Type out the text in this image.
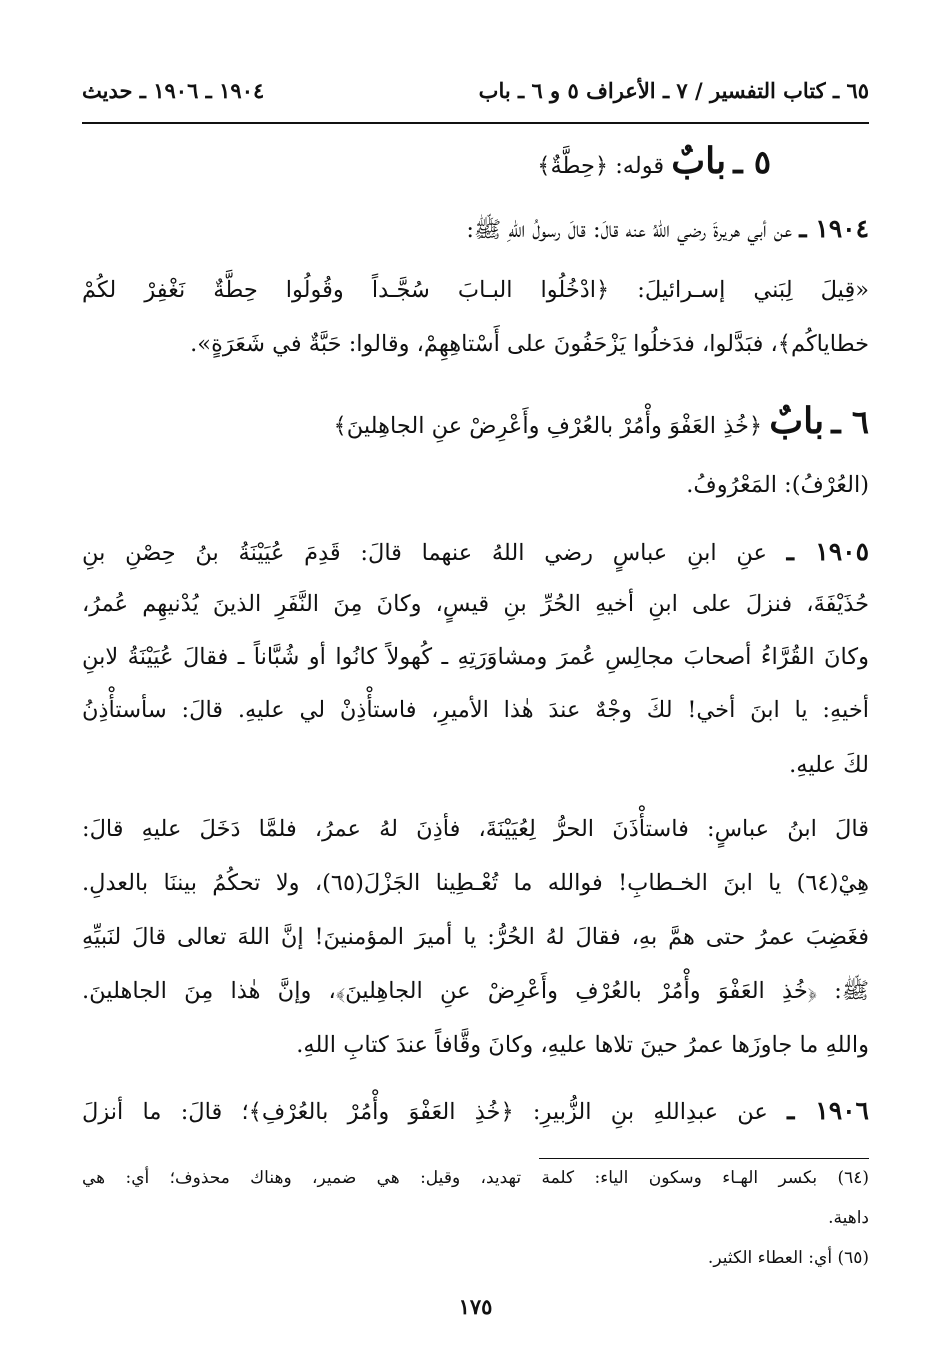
٦٥ ـ كتاب التفسير / ٧ ـ الأعراف ٥ و ٦ ـ باب
١٩٠٤ ـ ١٩٠٦ ـ حديث
٥ ـ بابٌ قوله: ﴿حِطَّةٌ﴾
١٩٠٤ ـ عن أبي هريرةَ رضي اللهُ عنه قالَ: قالَ رسولُ اللهِ ﷺ:
«قِيلَ لِبَني إسـرائيلَ: ﴿ادْخُلُوا البـابَ سُجَّـداً وقُولُوا حِطَّةٌ نَغْفِرْ لكُمْ
خطاياكُم﴾، فبَدَّلوا، فدَخلُوا يَزْحَفُونَ على أَسْتاهِهِمْ، وقالوا: حَبَّةٌ في شَعَرَةٍ».
٦ ـ بابٌ ﴿خُذِ العَفْوَ وأْمُرْ بالعُرْفِ وأَعْرِضْ عنِ الجاهِلينَ﴾
(العُرْفُ): المَعْرُوفُ.
١٩٠٥ ـ عنِ ابنِ عباسٍ رضي اللهُ عنهما قالَ: قَدِمَ عُيَيْنَةُ بنُ حِصْنِ بنِ
حُذَيْفَةَ، فنزلَ على ابنِ أخيهِ الحُرِّ بنِ قيسٍ، وكانَ مِنَ النَّفَرِ الذينَ يُدْنيهِم عُمرُ،
وكانَ القُرَّاءُ أصحابَ مجالِسِ عُمرَ ومشاوَرَتِهِ ـ كُهولاً كانُوا أو شُبَّاناً ـ فقالَ عُيَيْنَةُ لابنِ
أخيهِ: يا ابنَ أخي! لكَ وجْهٌ عندَ هٰذا الأميرِ، فاستأْذِنْ لي عليهِ. قالَ: سأستأْذِنُ
لكَ عليهِ.
قالَ ابنُ عباسٍ: فاستأْذَنَ الحرُّ لِعُيَيْنَةَ، فأذِنَ لهُ عمرُ، فلمَّا دَخَلَ عليهِ قالَ:
هِيْ(٦٤) يا ابنَ الخـطابِ! فوالله ما تُعْـطِينا الجَزْلَ(٦٥)، ولا تحكُمُ بيننَا بالعدلِ.
فغَضِبَ عمرُ حتى همَّ بهِ، فقالَ لهُ الحُرُّ: يا أميرَ المؤمنينَ! إنَّ اللهَ تعالى قالَ لنَبيِّهِ
ﷺ: ﴿خُذِ العَفْوَ وأْمُرْ بالعُرْفِ وأَعْرِضْ عنِ الجاهِلينَ﴾، وإنَّ هٰذا مِنَ الجاهلينَ.
واللهِ ما جاوزَها عمرُ حينَ تلاها عليهِ، وكانَ وقَّافاً عندَ كتابِ اللهِ.
١٩٠٦ ـ عن عبدِاللهِ بنِ الزُّبيرِ: ﴿خُذِ العَفْوَ وأْمُرْ بالعُرْفِ﴾؛ قالَ: ما أنزلَ
(٦٤) بكسر الهـاء وسكون الياء: كلمة تهديد، وقيل: هي ضمير، وهناك محذوف؛ أي: هي
داهية.
(٦٥) أي: العطاء الكثير.
١٧٥
